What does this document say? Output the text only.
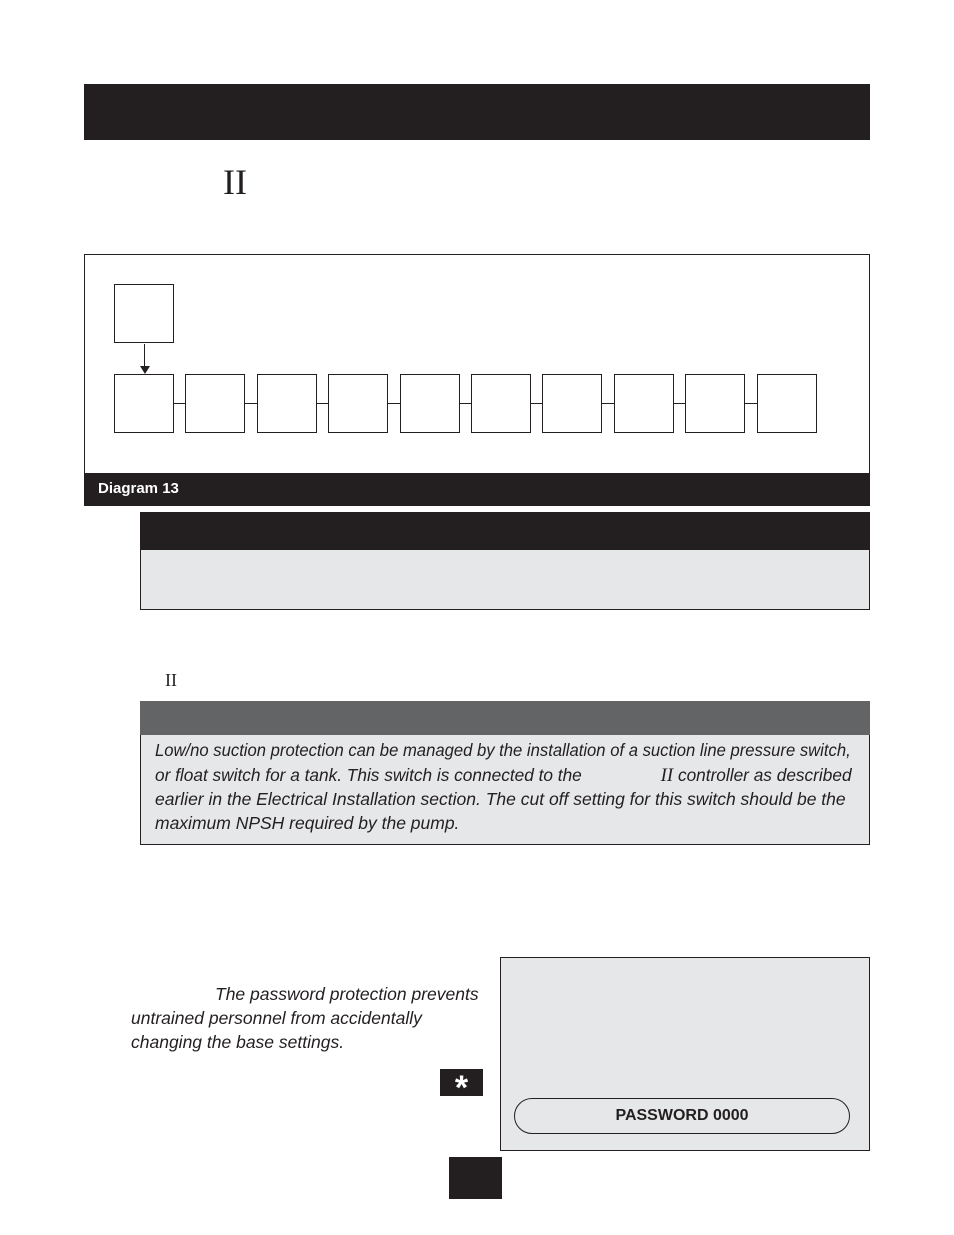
II
Diagram 13
II
Low/no suction protection can be managed by the installation of a suction line pressure switch,
or float switch for a tank. This switch is connected to the	II controller as described
earlier in the Electrical Installation section. The cut off setting for this switch should be the
maximum NPSH required by the pump.
The password protection prevents
untrained personnel from accidentally
changing the base settings.
*
PASSWORD 0000
